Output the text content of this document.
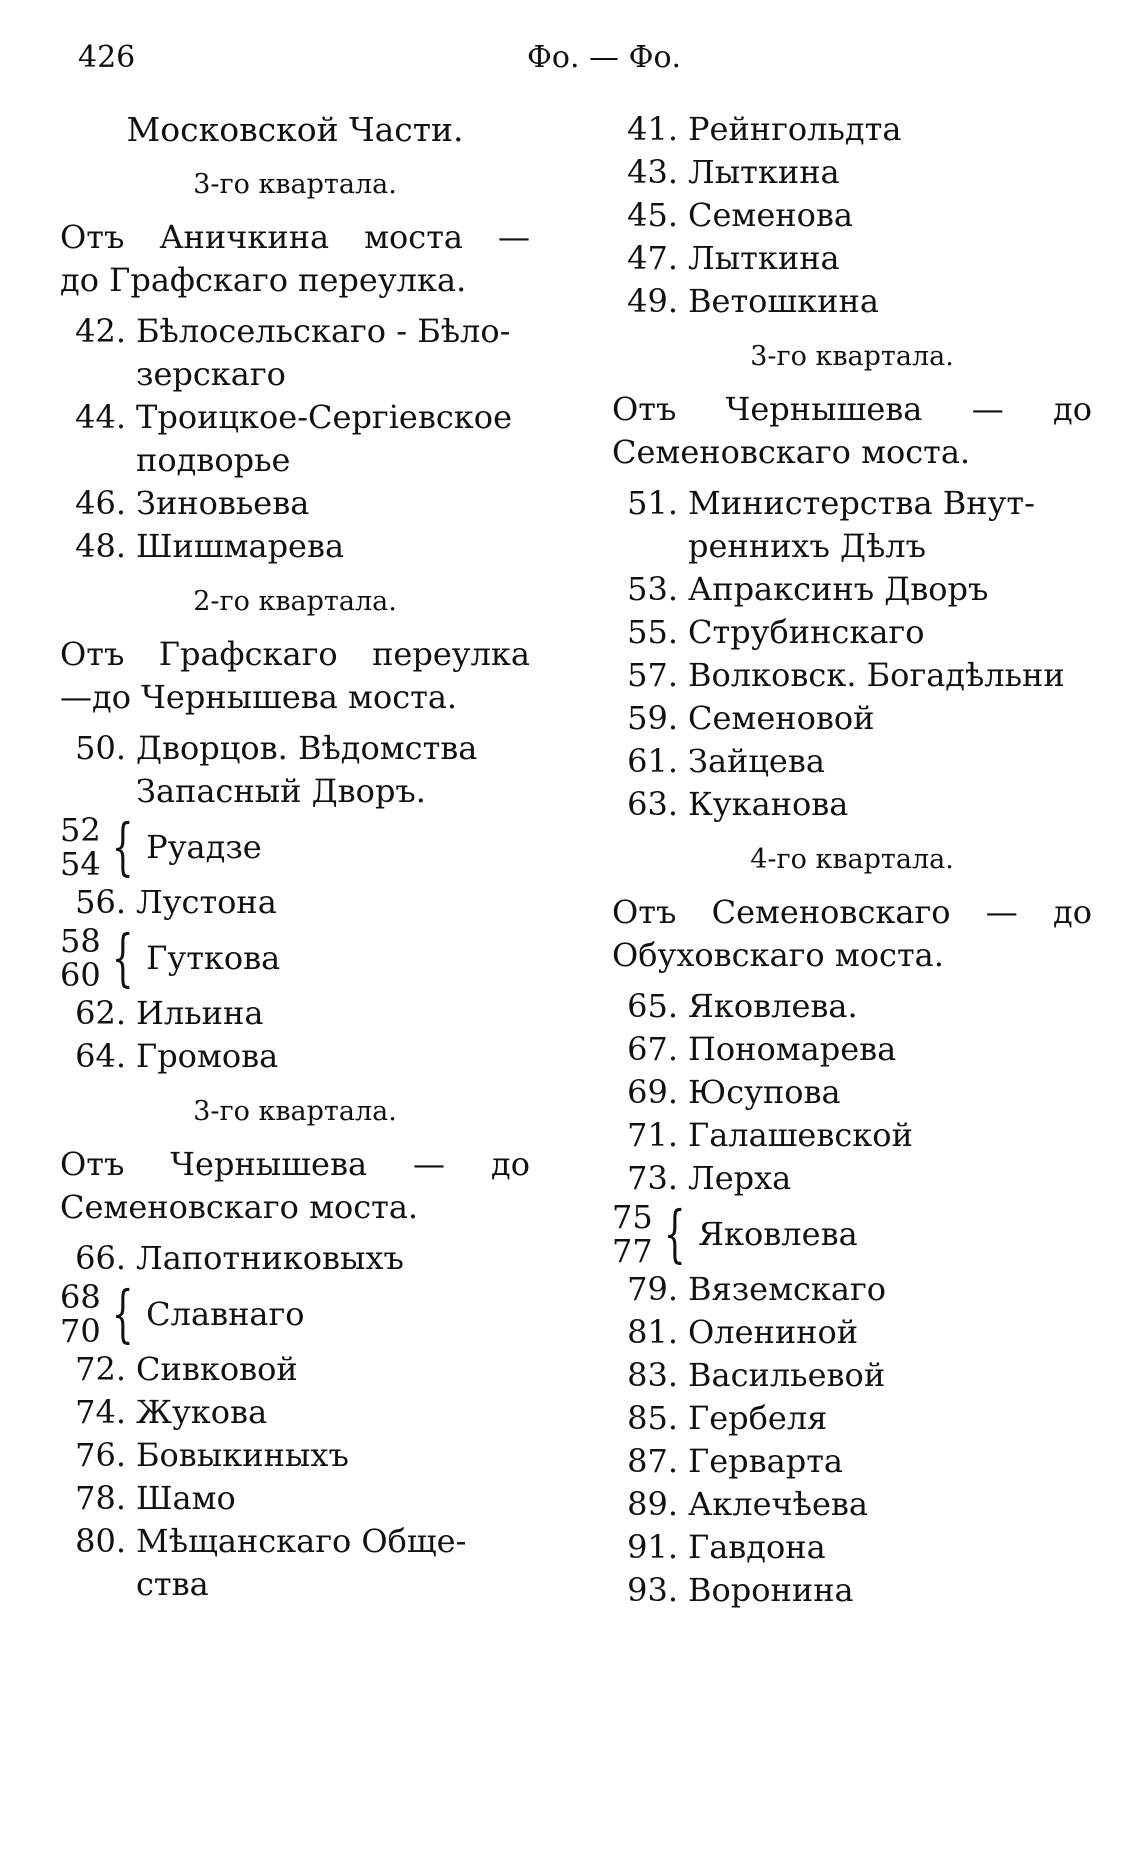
426	Фо. — Фо.
Московской Части.
3-го квартала.
Отъ Аничкина моста —
до Графскаго переулка.
42. Бѣлосельскаго - Бѣло-
зерскаго
44. Троицкое-Сергіевское
подворье
46. Зиновьева
48. Шишмарева
2-го квартала.
Отъ Графскаго переулка
—до Чернышева моста.
50. Дворцов. Вѣдомства
Запасный Дворъ.
52
54 { Руадзе
56. Лустона
58
60 { Гуткова
62. Ильина
64. Громова
3-го квартала.
Отъ Чернышева — до
Семеновскаго моста.
66. Лапотниковыхъ
68
70 { Славнаго
72. Сивковой
74. Жукова
76. Бовыкиныхъ
78. Шамо
80. Мѣщанскаго Обще-
ства
41. Рейнгольдта
43. Лыткина
45. Семенова
47. Лыткина
49. Ветошкина
3-го квартала.
Отъ Чернышева — до
Семеновскаго моста.
51. Министерства Внут-
реннихъ Дѣлъ
53. Апраксинъ Дворъ
55. Струбинскаго
57. Волковск. Богадѣльни
59. Семеновой
61. Зайцева
63. Куканова
4-го квартала.
Отъ Семеновскаго — до
Обуховскаго моста.
65. Яковлева.
67. Пономарева
69. Юсупова
71. Галашевской
73. Лерха
75
77 { Яковлева
79. Вяземскаго
81. Олениной
83. Васильевой
85. Гербеля
87. Герварта
89. Аклечѣева
91. Гавдона
93. Воронина
